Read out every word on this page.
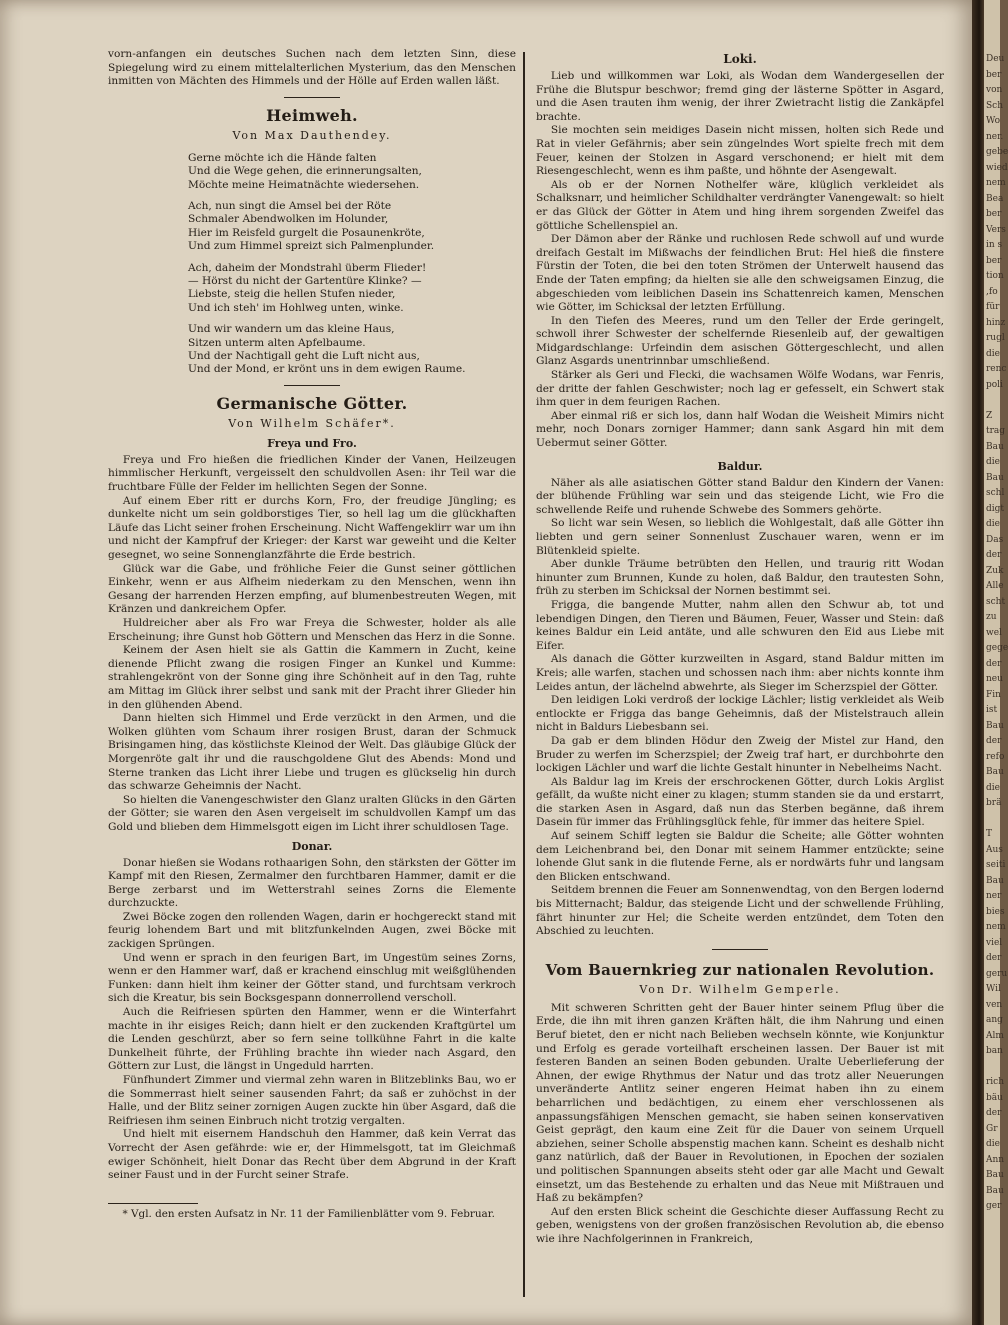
vorn-anfangen ein deutsches Suchen nach dem letzten Sinn, diese Spiegelung wird zu einem mittelalterlichen Mysterium, das den Menschen inmitten von Mächten des Himmels und der Hölle auf Erden wallen läßt.

Heimweh.
Von Max Dauthendey.
Gerne möchte ich die Hände falten
Und die Wege gehen, die erinnerungsalten,
Möchte meine Heimatnächte wiedersehen.
Ach, nun singt die Amsel bei der Röte
Schmaler Abendwolken im Holunder,
Hier im Reisfeld gurgelt die Posaunenkröte,
Und zum Himmel spreizt sich Palmenplunder.
Ach, daheim der Mondstrahl überm Flieder!
— Hörst du nicht der Gartentüre Klinke? —
Liebste, steig die hellen Stufen nieder,
Und ich steh' im Hohlweg unten, winke.
Und wir wandern um das kleine Haus,
Sitzen unterm alten Apfelbaume.
Und der Nachtigall geht die Luft nicht aus,
Und der Mond, er krönt uns in dem ewigen Raume.
Germanische Götter.
Von Wilhelm Schäfer*.
Freya und Fro.

Freya und Fro hießen die friedlichen Kinder der Vanen, Heilzeugen himmlischer Herkunft, vergeisselt den schuldvollen Asen: ihr Teil war die fruchtbare Fülle der Felder im hellichten Segen der Sonne.

Auf einem Eber ritt er durchs Korn, Fro, der freudige Jüngling; es dunkelte nicht um sein goldborstiges Tier, so hell lag um die glückhaften Läufe das Licht seiner frohen Erscheinung. Nicht Waffengeklirr war um ihn und nicht der Kampfruf der Krieger: der Karst war geweiht und die Kelter gesegnet, wo seine Sonnenglanzfährte die Erde bestrich.

Glück war die Gabe, und fröhliche Feier die Gunst seiner göttlichen Einkehr, wenn er aus Alfheim niederkam zu den Menschen, wenn ihn Gesang der harrenden Herzen empfing, auf blumenbestreuten Wegen, mit Kränzen und dankreichem Opfer.

Huldreicher aber als Fro war Freya die Schwester, holder als alle Erscheinung; ihre Gunst hob Göttern und Menschen das Herz in die Sonne.

Keinem der Asen hielt sie als Gattin die Kammern in Zucht, keine dienende Pflicht zwang die rosigen Finger an Kunkel und Kumme: strahlengekrönt von der Sonne ging ihre Schönheit auf in den Tag, ruhte am Mittag im Glück ihrer selbst und sank mit der Pracht ihrer Glieder hin in den glühenden Abend.

Dann hielten sich Himmel und Erde verzückt in den Armen, und die Wolken glühten vom Schaum ihrer rosigen Brust, daran der Schmuck Brisingamen hing, das köstlichste Kleinod der Welt. Das gläubige Glück der Morgenröte galt ihr und die rauschgoldene Glut des Abends: Mond und Sterne tranken das Licht ihrer Liebe und trugen es glückselig hin durch das schwarze Geheimnis der Nacht.

So hielten die Vanengeschwister den Glanz uralten Glücks in den Gärten der Götter; sie waren den Asen vergeiselt im schuldvollen Kampf um das Gold und blieben dem Himmelsgott eigen im Licht ihrer schuldlosen Tage.

Donar.

Donar hießen sie Wodans rothaarigen Sohn, den stärksten der Götter im Kampf mit den Riesen, Zermalmer den furchtbaren Hammer, damit er die Berge zerbarst und im Wetterstrahl seines Zorns die Elemente durchzuckte.

Zwei Böcke zogen den rollenden Wagen, darin er hochgereckt stand mit feurig lohendem Bart und mit blitzfunkelnden Augen, zwei Böcke mit zackigen Sprüngen.

Und wenn er sprach in den feurigen Bart, im Ungestüm seines Zorns, wenn er den Hammer warf, daß er krachend einschlug mit weißglühenden Funken: dann hielt ihm keiner der Götter stand, und furchtsam verkroch sich die Kreatur, bis sein Bocksgespann donnerrollend verscholl.

Auch die Reifriesen spürten den Hammer, wenn er die Winterfahrt machte in ihr eisiges Reich; dann hielt er den zuckenden Kraftgürtel um die Lenden geschürzt, aber so fern seine tollkühne Fahrt in die kalte Dunkelheit führte, der Frühling brachte ihn wieder nach Asgard, den Göttern zur Lust, die längst in Ungeduld harrten.

Fünfhundert Zimmer und viermal zehn waren in Blitzeblinks Bau, wo er die Sommerrast hielt seiner sausenden Fahrt; da saß er zuhöchst in der Halle, und der Blitz seiner zornigen Augen zuckte hin über Asgard, daß die Reifriesen ihm seinen Einbruch nicht trotzig vergalten.

Und hielt mit eisernem Handschuh den Hammer, daß kein Verrat das Vorrecht der Asen gefährde: wie er, der Himmelsgott, tat im Gleichmaß ewiger Schönheit, hielt Donar das Recht über dem Abgrund in der Kraft seiner Faust und in der Furcht seiner Strafe.

* Vgl. den ersten Aufsatz in Nr. 11 der Familienblätter vom 9. Februar.

Loki.

Lieb und willkommen war Loki, als Wodan dem Wandergesellen der Frühe die Blutspur beschwor; fremd ging der lästerne Spötter in Asgard, und die Asen trauten ihm wenig, der ihrer Zwietracht listig die Zankäpfel brachte.

Sie mochten sein meidiges Dasein nicht missen, holten sich Rede und Rat in vieler Gefährnis; aber sein züngelndes Wort spielte frech mit dem Feuer, keinen der Stolzen in Asgard verschonend; er hielt mit dem Riesengeschlecht, wenn es ihm paßte, und höhnte der Asengewalt.

Als ob er der Nornen Nothelfer wäre, klüglich verkleidet als Schalksnarr, und heimlicher Schildhalter verdrängter Vanengewalt: so hielt er das Glück der Götter in Atem und hing ihrem sorgenden Zweifel das göttliche Schellenspiel an.

Der Dämon aber der Ränke und ruchlosen Rede schwoll auf und wurde dreifach Gestalt im Mißwachs der feindlichen Brut: Hel hieß die finstere Fürstin der Toten, die bei den toten Strömen der Unterwelt hausend das Ende der Taten empfing; da hielten sie alle den schweigsamen Einzug, die abgeschieden vom leiblichen Dasein ins Schattenreich kamen, Menschen wie Götter, im Schicksal der letzten Erfüllung.

In den Tiefen des Meeres, rund um den Teller der Erde geringelt, schwoll ihrer Schwester der schelfernde Riesenleib auf, der gewaltigen Midgardschlange: Urfeindin dem asischen Göttergeschlecht, und allen Glanz Asgards unentrinnbar umschließend.

Stärker als Geri und Flecki, die wachsamen Wölfe Wodans, war Fenris, der dritte der fahlen Geschwister; noch lag er gefesselt, ein Schwert stak ihm quer in dem feurigen Rachen.

Aber einmal riß er sich los, dann half Wodan die Weisheit Mimirs nicht mehr, noch Donars zorniger Hammer; dann sank Asgard hin mit dem Uebermut seiner Götter.

Baldur.

Näher als alle asiatischen Götter stand Baldur den Kindern der Vanen: der blühende Frühling war sein und das steigende Licht, wie Fro die schwellende Reife und ruhende Schwebe des Sommers gehörte.

So licht war sein Wesen, so lieblich die Wohlgestalt, daß alle Götter ihn liebten und gern seiner Sonnenlust Zuschauer waren, wenn er im Blütenkleid spielte.

Aber dunkle Träume betrübten den Hellen, und traurig ritt Wodan hinunter zum Brunnen, Kunde zu holen, daß Baldur, den trautesten Sohn, früh zu sterben im Schicksal der Nornen bestimmt sei.

Frigga, die bangende Mutter, nahm allen den Schwur ab, tot und lebendigen Dingen, den Tieren und Bäumen, Feuer, Wasser und Stein: daß keines Baldur ein Leid antäte, und alle schwuren den Eid aus Liebe mit Eifer.

Als danach die Götter kurzweilten in Asgard, stand Baldur mitten im Kreis; alle warfen, stachen und schossen nach ihm: aber nichts konnte ihm Leides antun, der lächelnd abwehrte, als Sieger im Scherzspiel der Götter.

Den leidigen Loki verdroß der lockige Lächler; listig verkleidet als Weib entlockte er Frigga das bange Geheimnis, daß der Mistelstrauch allein nicht in Baldurs Liebesbann sei.

Da gab er dem blinden Hödur den Zweig der Mistel zur Hand, den Bruder zu werfen im Scherzspiel; der Zweig traf hart, er durchbohrte den lockigen Lächler und warf die lichte Gestalt hinunter in Nebelheims Nacht.

Als Baldur lag im Kreis der erschrockenen Götter, durch Lokis Arglist gefällt, da wußte nicht einer zu klagen; stumm standen sie da und erstarrt, die starken Asen in Asgard, daß nun das Sterben begänne, daß ihrem Dasein für immer das Frühlingsglück fehle, für immer das heitere Spiel.

Auf seinem Schiff legten sie Baldur die Scheite; alle Götter wohnten dem Leichenbrand bei, den Donar mit seinem Hammer entzückte; seine lohende Glut sank in die flutende Ferne, als er nordwärts fuhr und langsam den Blicken entschwand.

Seitdem brennen die Feuer am Sonnenwendtag, von den Bergen lodernd bis Mitternacht; Baldur, das steigende Licht und der schwellende Frühling, fährt hinunter zur Hel; die Scheite werden entzündet, dem Toten den Abschied zu leuchten.

Vom Bauernkrieg zur nationalen Revolution.
Von Dr. Wilhelm Gemperle.

Mit schweren Schritten geht der Bauer hinter seinem Pflug über die Erde, die ihn mit ihren ganzen Kräften hält, die ihm Nahrung und einen Beruf bietet, den er nicht nach Belieben wechseln könnte, wie Konjunktur und Erfolg es gerade vorteilhaft erscheinen lassen. Der Bauer ist mit festeren Banden an seinen Boden gebunden. Uralte Ueberlieferung der Ahnen, der ewige Rhythmus der Natur und das trotz aller Neuerungen unveränderte Antlitz seiner engeren Heimat haben ihn zu einem beharrlichen und bedächtigen, zu einem eher verschlossenen als anpassungsfähigen Menschen gemacht, sie haben seinen konservativen Geist geprägt, den kaum eine Zeit für die Dauer von seinem Urquell abziehen, seiner Scholle abspenstig machen kann. Scheint es deshalb nicht ganz natürlich, daß der Bauer in Revolutionen, in Epochen der sozialen und politischen Spannungen abseits steht oder gar alle Macht und Gewalt einsetzt, um das Bestehende zu erhalten und das Neue mit Mißtrauen und Haß zu bekämpfen?

Auf den ersten Blick scheint die Geschichte dieser Auffassung Recht zu geben, wenigstens von der großen französischen Revolution ab, die ebenso wie ihre Nachfolgerinnen in Frankreich,

Deu
ber
von
Sch
Wo
ner.
gebe
wied
nem
Bea
ber
Vers
in s
ber
tion
,fo
für
hinz
rugl
die
renc
poli

Z
trag
Bau
die
Bau
schl
digt
die
Das
der
Zuk
Alle
scht
zu
wel
gege
der
neu
Fin
ist
Bau
der
refo
Bau
die
brä

T
Aus
seiti
Bau
ner
bies
nem
viel
der
geru
Wil
ven
ang
Alm
ban

rich
bäu
der
Gr
die
Ann
Bau
Bau
ger
